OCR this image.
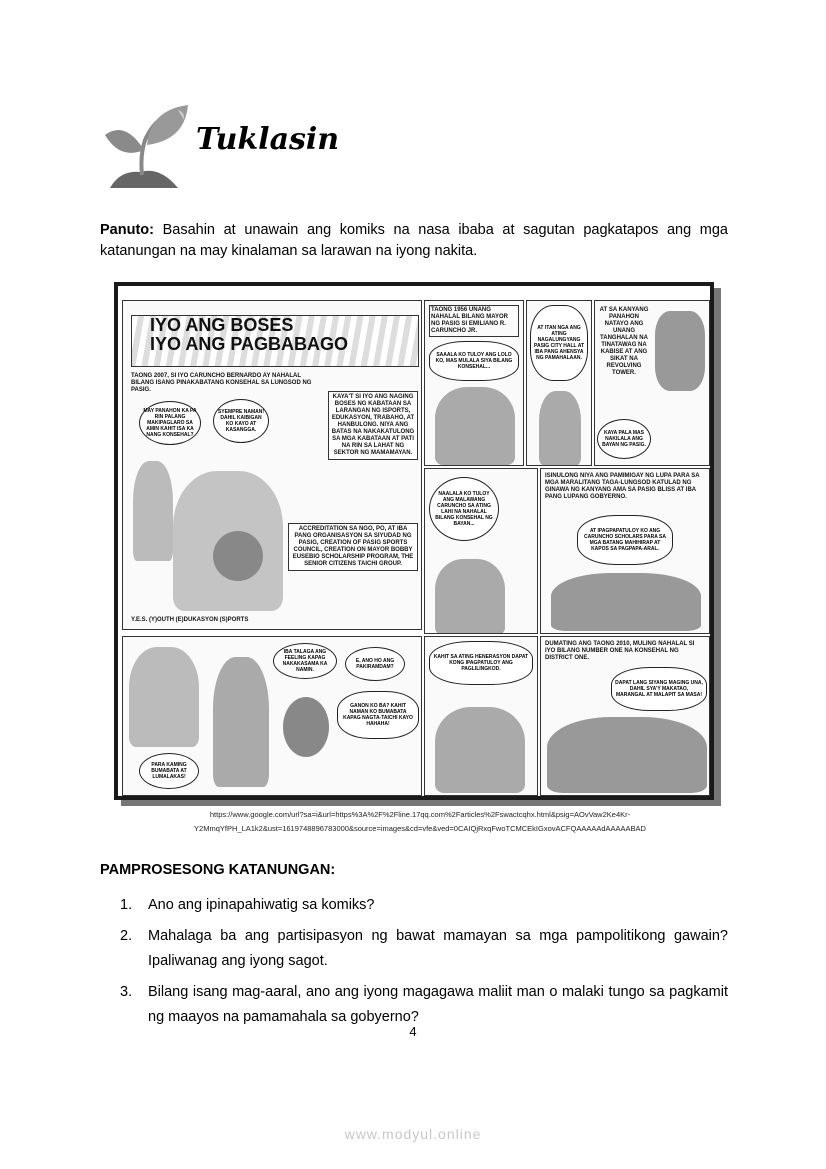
Tuklasin

Panuto: Basahin at unawain ang komiks na nasa ibaba at sagutan pagkatapos ang mga katanungan na may kinalaman sa larawan na iyong nakita.

IYO ANG BOSES
IYO ANG PAGBABAGO
TAONG 2007, SI IYO CARUNCHO BERNARDO AY NAHALAL BILANG ISANG PINAKABATANG KONSEHAL SA LUNGSOD NG PASIG.
MAY PANAHON KA PA RIN PALANG MAKIPAGLARO SA AMIN KAHIT ISA KA NANG KONSEHAL?
SYEMPRE NAMAN! DAHIL KAIBIGAN KO KAYO AT KASANGGA.
KAYA'T SI IYO ANG NAGING BOSES NG KABATAAN SA LARANGAN NG ISPORTS, EDUKASYON, TRABAHO, AT HANBULONG. NIYA ANG BATAS NA NAKAKATULONG SA MGA KABATAAN AT PATI NA RIN SA LAHAT NG SEKTOR NG MAMAMAYAN.
ACCREDITATION SA NGO, PO, AT IBA PANG ORGANISASYON SA SIYUDAD NG PASIG, CREATION OF PASIG SPORTS COUNCIL, CREATION ON MAYOR BOBBY EUSEBIO SCHOLARSHIP PROGRAM, THE SENIOR CITIZENS TAICHI GROUP.
Y.E.S. (Y)OUTH (E)DUKASYON (S)PORTS
TAONG 1956 UNANG NAHALAL BILANG MAYOR NG PASIG SI EMILIANO R. CARUNCHO JR.
SAAALA KO TULOY ANG LOLO KO, MAS MULALA SIYA BILANG KONSEHAL...
AT ITAN NGA ANG ATING NAGALUNGYANG PASIG CITY HALL AT IBA PANG AHENSYA NG PAMAHALAAN.
AT SA KANYANG PANAHON NATAYO ANG UNANG TANGHALAN NA TINATAWAG NA KABISE AT ANG SIKAT NA REVOLVING TOWER.
KAYA PALA MAS NAKILALA ANG BAYAN NG PASIG.
NAALALA KO TULOY ANG MALAWANG CARUNCHO SA ATING LAHI NA NAHALAL BILANG KONSEHAL NG BAYAN...
ISINULONG NIYA ANG PAMIMIGAY NG LUPA PARA SA MGA MARALITANG TAGA-LUNGSOD KATULAD NG GINAWA NG KANYANG AMA SA PASIG BLISS AT IBA PANG LUPANG GOBYERNO.
AT IPAGPAPATULOY KO ANG CARUNCHO SCHOLARS PARA SA MGA BATANG MAHIHIRAP AT KAPOS SA PAGPAPA-ARAL.
IBA TALAGA ANG FEELING KAPAG NAKAKASAMA KA NAMIN.
E, ANO HO ANG PAKIRAMDAM?
GANON KO BA? KAHIT NAMAN KO BUMABATA KAPAG NAGTA-TAICHI KAYO HAHAHA!
PARA KAMING BUMABATA AT LUMALAKAS!
KAHIT SA ATING HENERASYON DAPAT KONG IPAGPATULOY ANG PAGLILINGKOD.
DUMATING ANG TAONG 2010, MULING NAHALAL SI IYO BILANG NUMBER ONE NA KONSEHAL NG DISTRICT ONE.
DAPAT LANG SIYANG MAGING UNA, DAHIL SYA'Y MAKATAO, MARANGAL AT MALAPIT SA MASA!
https://www.google.com/url?sa=i&url=https%3A%2F%2Fline.17qq.com%2Farticles%2Fswactcqhx.html&psig=AOvVaw2Ke4Kr-
Y2MmqYfPH_LA1k2&ust=1619748896783000&source=images&cd=vfe&ved=0CAIQjRxqFwoTCMCEkIGxovACFQAAAAAdAAAAABAD
PAMPROSESONG KATANUNGAN:
1. Ano ang ipinapahiwatig sa komiks?
2. Mahalaga ba ang partisipasyon ng bawat mamayan sa mga pampolitikong gawain? Ipaliwanag ang iyong sagot.
3. Bilang isang mag-aaral, ano ang iyong magagawa maliit man o malaki tungo sa pagkamit ng maayos na pamamahala sa gobyerno?
4
www.modyul.online
